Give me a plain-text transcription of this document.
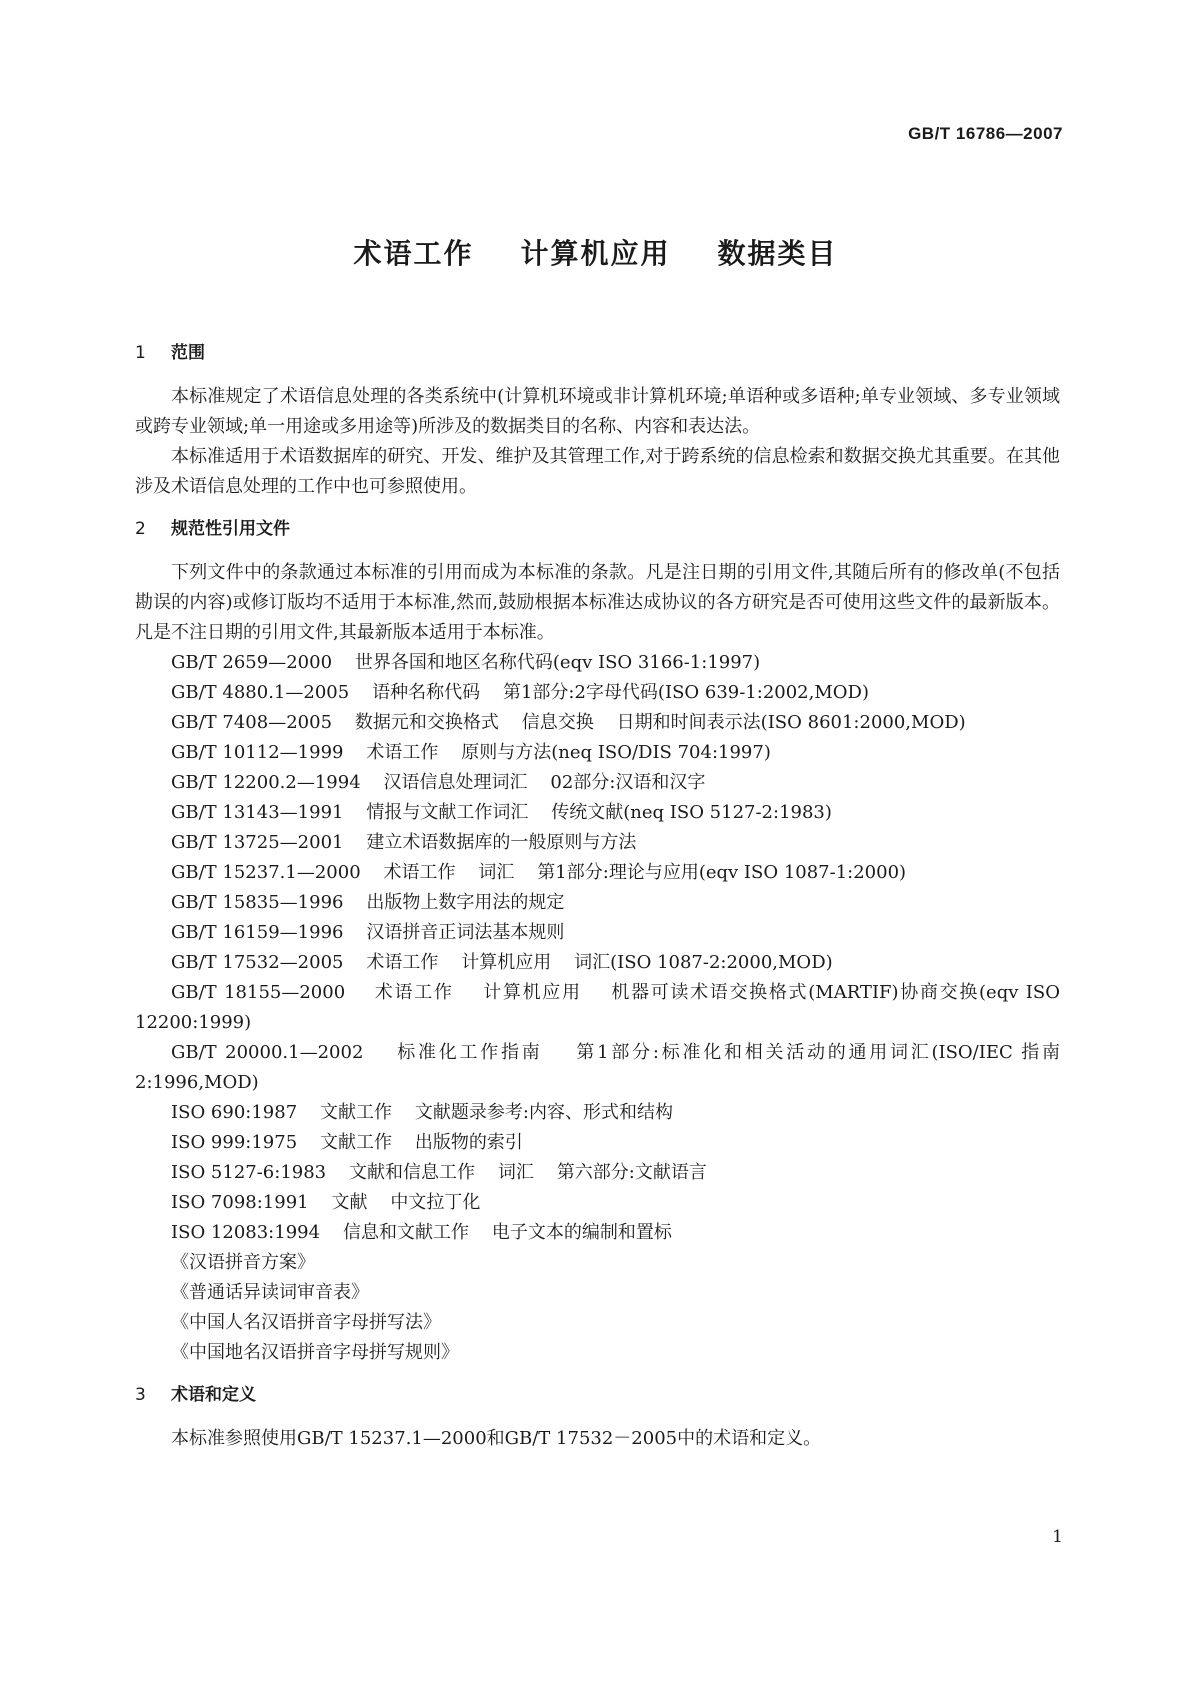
GB/T 16786—2007
术语工作    计算机应用    数据类目
1 范围

本标准规定了术语信息处理的各类系统中(计算机环境或非计算机环境;单语种或多语种;单专业领域、多专业领域或跨专业领域;单一用途或多用途等)所涉及的数据类目的名称、内容和表达法。

本标准适用于术语数据库的研究、开发、维护及其管理工作,对于跨系统的信息检索和数据交换尤其重要。在其他涉及术语信息处理的工作中也可参照使用。

2 规范性引用文件

下列文件中的条款通过本标准的引用而成为本标准的条款。凡是注日期的引用文件,其随后所有的修改单(不包括勘误的内容)或修订版均不适用于本标准,然而,鼓励根据本标准达成协议的各方研究是否可使用这些文件的最新版本。凡是不注日期的引用文件,其最新版本适用于本标准。

GB/T 2659—2000    世界各国和地区名称代码(eqv ISO 3166-1:1997)
GB/T 4880.1—2005    语种名称代码    第1部分:2字母代码(ISO 639-1:2002,MOD)
GB/T 7408—2005    数据元和交换格式    信息交换    日期和时间表示法(ISO 8601:2000,MOD)
GB/T 10112—1999    术语工作    原则与方法(neq ISO/DIS 704:1997)
GB/T 12200.2—1994    汉语信息处理词汇    02部分:汉语和汉字
GB/T 13143—1991    情报与文献工作词汇    传统文献(neq ISO 5127-2:1983)
GB/T 13725—2001    建立术语数据库的一般原则与方法
GB/T 15237.1—2000    术语工作    词汇    第1部分:理论与应用(eqv ISO 1087-1:2000)
GB/T 15835—1996    出版物上数字用法的规定
GB/T 16159—1996    汉语拼音正词法基本规则
GB/T 17532—2005    术语工作    计算机应用    词汇(ISO 1087-2:2000,MOD)
GB/T 18155—2000    术语工作    计算机应用    机器可读术语交换格式(MARTIF)协商交换(eqv ISO 12200:1999)
GB/T 20000.1—2002    标准化工作指南    第1部分:标准化和相关活动的通用词汇(ISO/IEC 指南 2:1996,MOD)
ISO 690:1987    文献工作    文献题录参考:内容、形式和结构
ISO 999:1975    文献工作    出版物的索引
ISO 5127-6:1983    文献和信息工作    词汇    第六部分:文献语言
ISO 7098:1991    文献    中文拉丁化
ISO 12083:1994    信息和文献工作    电子文本的编制和置标
《汉语拼音方案》
《普通话异读词审音表》
《中国人名汉语拼音字母拼写法》
《中国地名汉语拼音字母拼写规则》
3 术语和定义

本标准参照使用GB/T 15237.1—2000和GB/T 17532－2005中的术语和定义。

1
